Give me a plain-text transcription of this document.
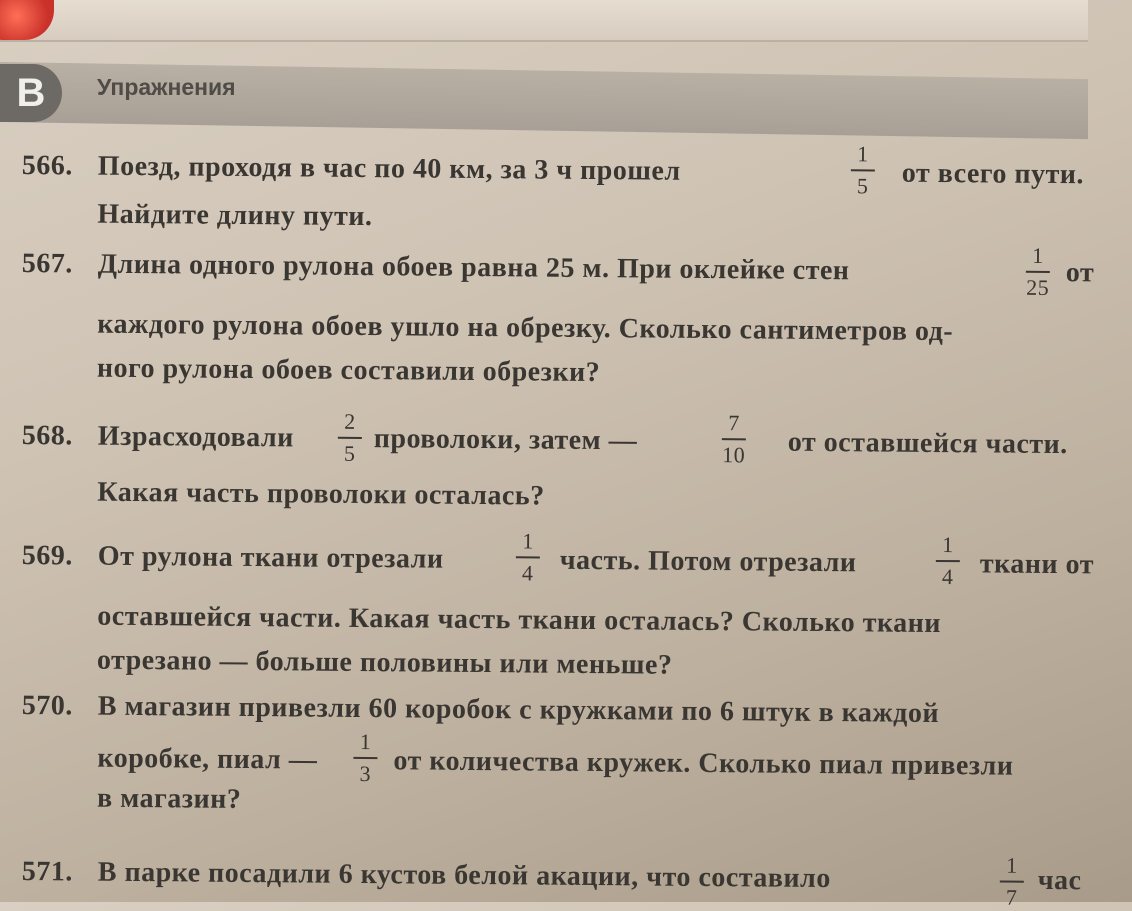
В	Упражнения
566. Поезд, проходя в час по 40 км, за 3 ч прошел	1
5 от всего пути.
Найдите длину пути.
567. Длина одного рулона обоев равна 25 м. При оклейке стен	1
25 от
каждого рулона обоев ушло на обрезку. Сколько сантиметров од-
ного рулона обоев составили обрезки?
568. Израсходовали 2
5 проволоки, затем —
7
10 от оставшейся части.
Какая часть проволоки осталась?
569. От рулона ткани отрезали	1
4 часть. Потом отрезали
1
4 ткани от
оставшейся части. Какая часть ткани осталась? Сколько ткани
отрезано — больше половины или меньше?
570. В магазин привезли 60 коробок с кружками по 6 штук в каждой
коробке, пиал —
1
3 от количества кружек. Сколько пиал привезли
в магазин?
571. В парке посадили 6 кустов белой акации, что составило	1
7
час
